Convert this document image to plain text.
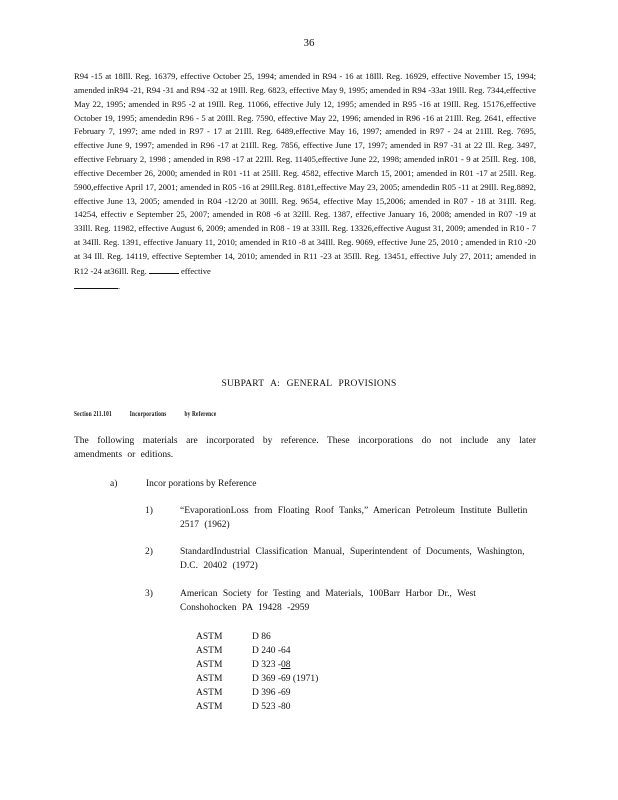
36
R94 -15 at 18Ill. Reg. 16379, effective October 25, 1994; amended in R94 - 16 at 18Ill. Reg. 16929, effective November 15, 1994; amended inR94 -21, R94 -31 and R94 -32 at 19Ill. Reg. 6823, effective May 9, 1995; amended in R94 -33at 19Ill. Reg. 7344,effective May 22, 1995; amended in R95 -2 at 19Ill. Reg. 11066, effective July 12, 1995; amended in R95 -16 at 19Ill. Reg. 15176,effective October 19, 1995; amendedin R96 - 5 at 20Ill. Reg. 7590, effective May 22, 1996; amended in R96 -16 at 21Ill. Reg. 2641, effective February 7, 1997; ame nded in R97 - 17 at 21Ill. Reg. 6489,effective May 16, 1997; amended in R97 - 24 at 21Ill. Reg. 7695, effective June 9, 1997; amended in R96 -17 at 21Ill. Reg. 7856, effective June 17, 1997; amended in R97 -31 at 22 Ill. Reg. 3497, effective February 2, 1998 ; amended in R98 -17 at 22Ill. Reg. 11405,effective June 22, 1998; amended inR01 - 9 at 25Ill. Reg. 108, effective December 26, 2000; amended in R01 -11 at 25Ill. Reg. 4582, effective March 15, 2001; amended in R01 -17 at 25Ill. Reg. 5900,effective April 17, 2001; amended in R05 -16 at 29Ill.Reg. 8181,effective May 23, 2005; amendedin R05 -11 at 29Ill. Reg.8892, effective June 13, 2005; amended in R04 -12/20 at 30Ill. Reg. 9654, effective May 15,2006; amended in R07 - 18 at 31Ill. Reg. 14254, effectiv e September 25, 2007; amended in R08 -6 at 32Ill. Reg. 1387, effective January 16, 2008; amended in R07 -19 at 33Ill. Reg. 11982, effective August 6, 2009; amended in R08 - 19 at 33Ill. Reg. 13326,effective August 31, 2009; amended in R10 - 7 at 34Ill. Reg. 1391, effective January 11, 2010; amended in R10 -8 at 34Ill. Reg. 9069, effective June 25, 2010 ; amended in R10 -20 at 34 Ill. Reg. 14119, effective September 14, 2010; amended in R11 -23 at 35Ill. Reg. 13451, effective July 27, 2011; amended in R12 -24 at36Ill. Reg.	effective
.
SUBPART A: GENERAL PROVISIONS
Section 211.101	Incorporations	by Reference
The following materials are incorporated by reference. These incorporations do not include any later amendments or editions.
a)	Incor porations by Reference
1)	“EvaporationLoss from Floating Roof Tanks,” American Petroleum Institute Bulletin 2517 (1962)
2)	StandardIndustrial Classification Manual, Superintendent of Documents, Washington, D.C. 20402 (1972)
3)	American Society for Testing and Materials, 100Barr Harbor Dr., West Conshohocken PA 19428 -2959
ASTM	D 86
ASTM	D 240 -64
ASTM	D 323 -08
ASTM	D 369 -69 (1971)
ASTM	D 396 -69
ASTM	D 523 -80
